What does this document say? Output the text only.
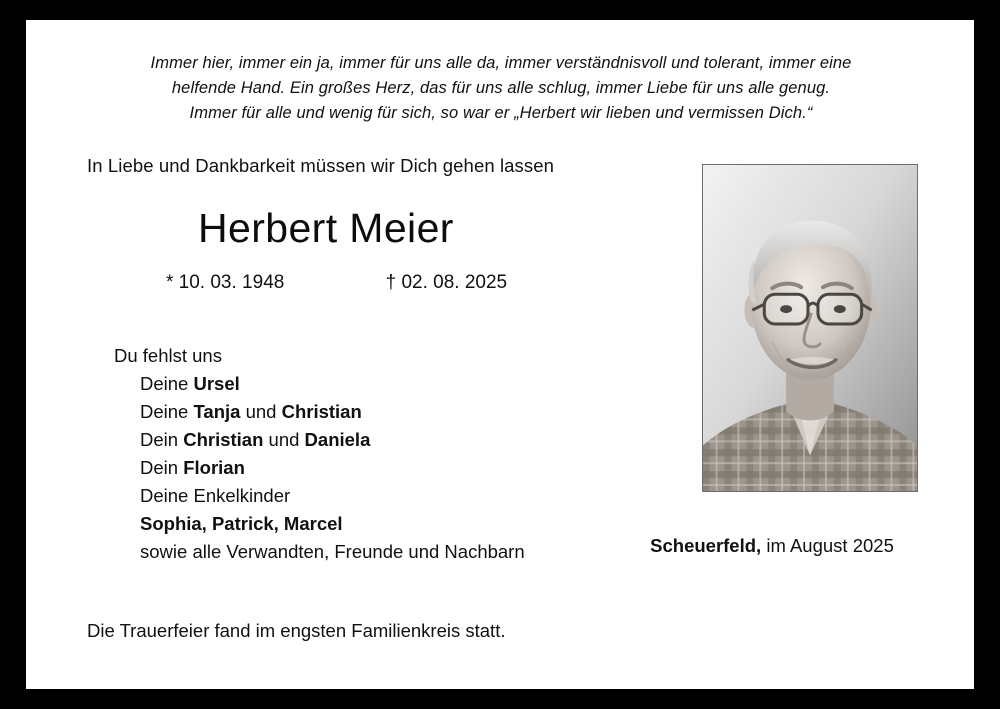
Immer hier, immer ein ja, immer für uns alle da, immer verständnisvoll und tolerant, immer eine
helfende Hand. Ein großes Herz, das für uns alle schlug, immer Liebe für uns alle genug.
Immer für alle und wenig für sich, so war er „Herbert wir lieben und vermissen Dich.“
In Liebe und Dankbarkeit müssen wir Dich gehen lassen
Herbert Meier
* 10. 03. 1948	† 02. 08. 2025
Du fehlst uns
Deine Ursel
Deine Tanja und Christian
Dein Christian und Daniela
Dein Florian
Deine Enkelkinder
Sophia, Patrick, Marcel
sowie alle Verwandten, Freunde und Nachbarn	Scheuerfeld, im August 2025
Die Trauerfeier fand im engsten Familienkreis statt.
